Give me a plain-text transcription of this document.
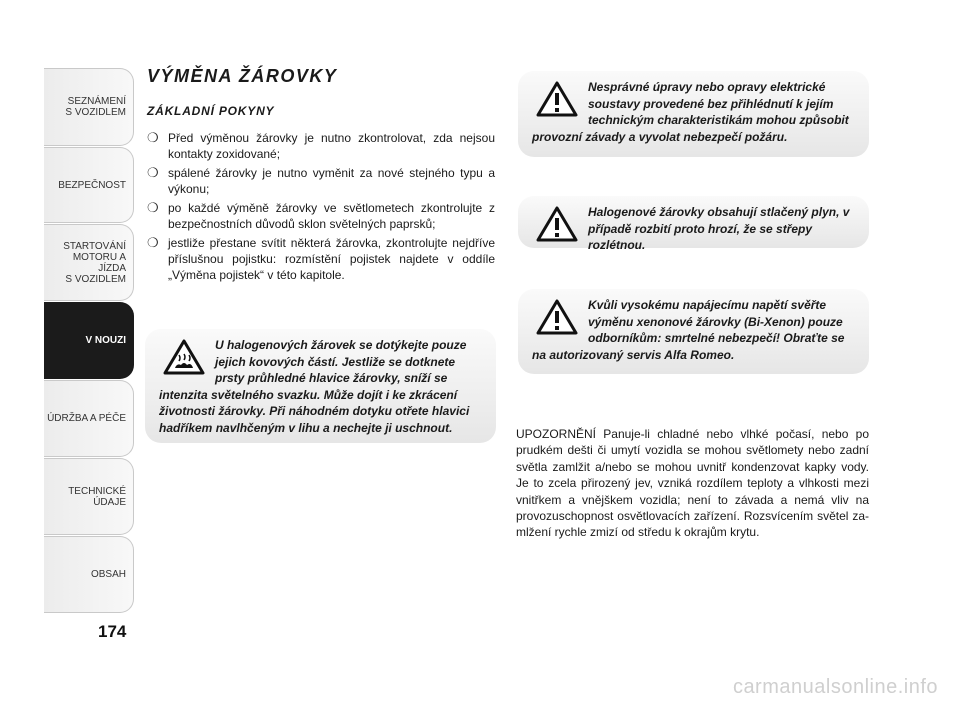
SEZNÁMENÍ
S VOZIDLEM
BEZPEČNOST
STARTOVÁNÍ
MOTORU A JÍZDA
S VOZIDLEM
V NOUZI
ÚDRŽBA A PÉČE
TECHNICKÉ
ÚDAJE
OBSAH
174
VÝMĚNA ŽÁROVKY
ZÁKLADNÍ POKYNY
❍ Před výměnou žárovky je nutno zkontrolovat, zda nejsou kontakty zoxidované;
❍ spálené žárovky je nutno vyměnit za nové stejného typu a výkonu;
❍ po každé výměně žárovky ve světlometech zkontrolujte z bezpečnostních důvodů sklon světelných paprsků;
❍ jestliže přestane svítit některá žárovka, zkontrolujte nejdříve příslušnou pojistku: rozmístění pojistek najdete v oddíle „Výměna pojistek“ v této kapitole.
U halogenových žárovek se dotýkejte pouze jejich kovových částí. Jestliže se dotknete prsty průhledné hlavice žárovky, sníží se intenzita světelného svazku. Může dojít i ke zkrácení životnosti žárovky. Při náhodném dotyku otřete hlavici hadříkem navlhčeným v lihu a nechejte ji uschnout.
Nesprávné úpravy nebo opravy elektrické soustavy provedené bez přihlédnutí k jejím technickým charakteristikám mohou způsobit provozní závady a vyvolat nebezpečí požáru.
Halogenové žárovky obsahují stlačený plyn, v případě rozbití proto hrozí, že se střepy rozlétnou.
Kvůli vysokému napájecímu napětí svěřte výměnu xenonové žárovky (Bi-Xenon) pouze odborníkům: smrtelné nebezpečí! Obraťte se na autorizovaný servis Alfa Romeo.

UPOZORNĚNÍ Panuje-li chladné nebo vlhké počasí, nebo po prudkém dešti či umytí vozidla se mohou světlomety nebo zadní světla zamlžit a/nebo se mohou uvnitř kondenzovat kapky vody. Je to zcela přirozený jev, vzniká rozdílem teploty a vlhkosti mezi vnitřkem a vnějškem vozidla; není to závada a nemá vliv na provozuschopnost osvětlovacích zařízení. Rozsvícením světel za-mlžení rychle zmizí od středu k okrajům krytu.

carmanualsonline.info
